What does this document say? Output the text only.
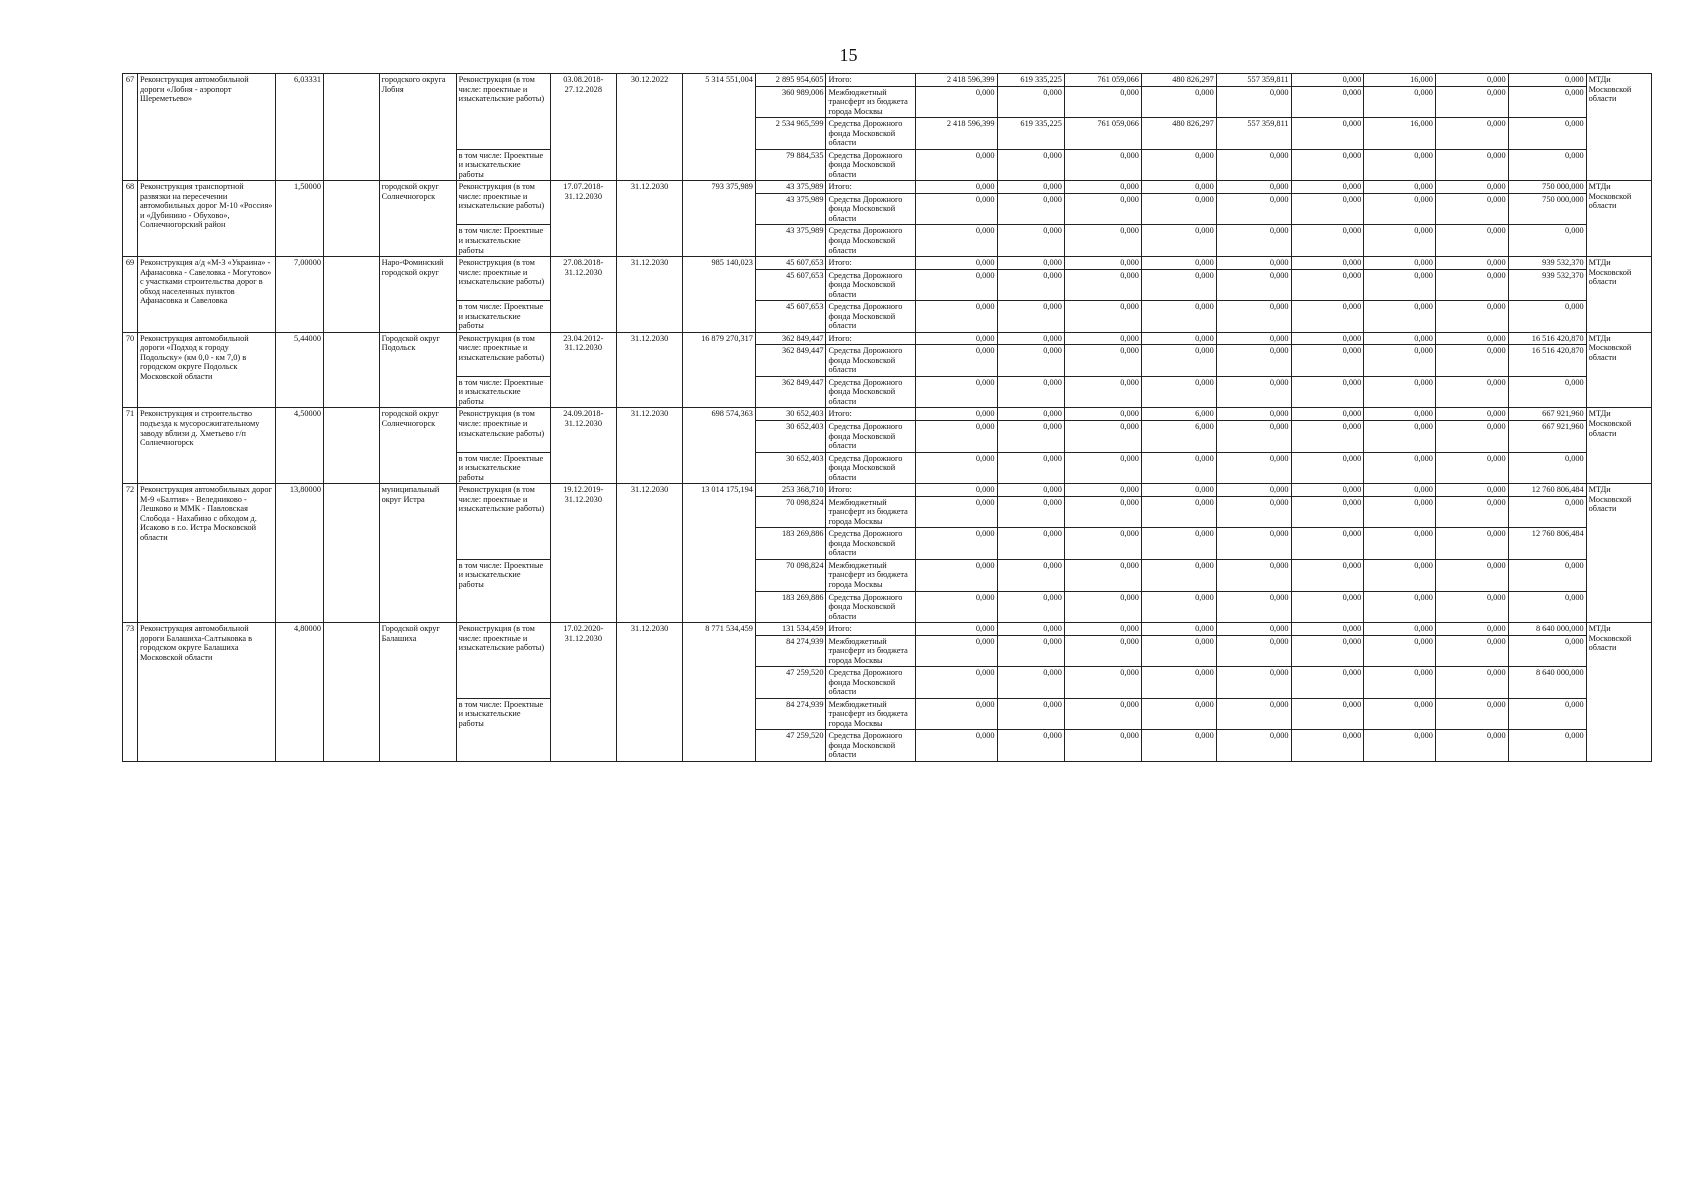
15
67	Реконструкция автомобильной дороги «Лобня - аэропорт Шереметьево»	6,03331		городского округа Лобня	Реконструкция (в том числе: проектные и изыскательские работы)	03.08.2018-27.12.2028	30.12.2022	5 314 551,004	2 895 954,605	Итого:	2 418 596,399	619 335,225	761 059,066	480 826,297	557 359,811	0,000	16,000	0,000	0,000	МТДи Московской области
									360 989,006	Межбюджетный трансферт из бюджета города Москвы	0,000	0,000	0,000	0,000	0,000	0,000	0,000	0,000	0,000	
									2 534 965,599	Средства Дорожного фонда Московской области	2 418 596,399	619 335,225	761 059,066	480 826,297	557 359,811	0,000	16,000	0,000	0,000	
					в том числе: Проектные и изыскательские работы				79 884,535	Средства Дорожного фонда Московской области	0,000	0,000	0,000	0,000	0,000	0,000	0,000	0,000	0,000	
68	Реконструкция транспортной развязки на пересечении автомобильных дорог М-10 «Россия» и «Дубинино - Обухово», Солнечногорский район	1,50000		городской округ Солнечногорск	Реконструкция (в том числе: проектные и изыскательские работы)	17.07.2018-31.12.2030	31.12.2030	793 375,989	43 375,989	Итого:	0,000	0,000	0,000	0,000	0,000	0,000	0,000	0,000	750 000,000	МТДи Московской области
									43 375,989	Средства Дорожного фонда Московской области	0,000	0,000	0,000	0,000	0,000	0,000	0,000	0,000	750 000,000	
					в том числе: Проектные и изыскательские работы				43 375,989	Средства Дорожного фонда Московской области	0,000	0,000	0,000	0,000	0,000	0,000	0,000	0,000	0,000	
69	Реконструкция а/д «М-3 «Украина» - Афанасовка - Савеловка - Могутово» с участками строительства дорог в обход населенных пунктов Афанасовка и Савеловка	7,00000		Наро-Фоминский городской округ	Реконструкция (в том числе: проектные и изыскательские работы)	27.08.2018-31.12.2030	31.12.2030	985 140,023	45 607,653	Итого:	0,000	0,000	0,000	0,000	0,000	0,000	0,000	0,000	939 532,370	МТДи Московской области
									45 607,653	Средства Дорожного фонда Московской области	0,000	0,000	0,000	0,000	0,000	0,000	0,000	0,000	939 532,370	
					в том числе: Проектные и изыскательские работы				45 607,653	Средства Дорожного фонда Московской области	0,000	0,000	0,000	0,000	0,000	0,000	0,000	0,000	0,000	
70	Реконструкция автомобильной дороги «Подход к городу Подольску» (км 0,0 - км 7,0) в городском округе Подольск Московской области	5,44000		Городской округ Подольск	Реконструкция (в том числе: проектные и изыскательские работы)	23.04.2012-31.12.2030	31.12.2030	16 879 270,317	362 849,447	Итого:	0,000	0,000	0,000	0,000	0,000	0,000	0,000	0,000	16 516 420,870	МТДи Московской области
									362 849,447	Средства Дорожного фонда Московской области	0,000	0,000	0,000	0,000	0,000	0,000	0,000	0,000	16 516 420,870	
					в том числе: Проектные и изыскательские работы				362 849,447	Средства Дорожного фонда Московской области	0,000	0,000	0,000	0,000	0,000	0,000	0,000	0,000	0,000	
71	Реконструкция и строительство подъезда к мусоросжигательному заводу вблизи д. Хметьево г/п Солнечногорск	4,50000		городской округ Солнечногорск	Реконструкция (в том числе: проектные и изыскательские работы)	24.09.2018-31.12.2030	31.12.2030	698 574,363	30 652,403	Итого:	0,000	0,000	0,000	6,000	0,000	0,000	0,000	0,000	667 921,960	МТДи Московской области
									30 652,403	Средства Дорожного фонда Московской области	0,000	0,000	0,000	6,000	0,000	0,000	0,000	0,000	667 921,960	
					в том числе: Проектные и изыскательские работы				30 652,403	Средства Дорожного фонда Московской области	0,000	0,000	0,000	0,000	0,000	0,000	0,000	0,000	0,000	
72	Реконструкция автомобильных дорог М-9 «Балтия» - Веледниково - Лешково и ММК - Павловская Слобода - Нахабино с обходом д. Исаково в г.о. Истра Московской области	13,80000		муниципальный округ Истра	Реконструкция (в том числе: проектные и изыскательские работы)	19.12.2019-31.12.2030	31.12.2030	13 014 175,194	253 368,710	Итого:	0,000	0,000	0,000	0,000	0,000	0,000	0,000	0,000	12 760 806,484	МТДи Московской области
									70 098,824	Межбюджетный трансферт из бюджета города Москвы	0,000	0,000	0,000	0,000	0,000	0,000	0,000	0,000	0,000	
									183 269,886	Средства Дорожного фонда Московской области	0,000	0,000	0,000	0,000	0,000	0,000	0,000	0,000	12 760 806,484	
					в том числе: Проектные и изыскательские работы				70 098,824	Межбюджетный трансферт из бюджета города Москвы	0,000	0,000	0,000	0,000	0,000	0,000	0,000	0,000	0,000	
									183 269,886	Средства Дорожного фонда Московской области	0,000	0,000	0,000	0,000	0,000	0,000	0,000	0,000	0,000	
73	Реконструкция автомобильной дороги Балашиха-Салтыковка в городском округе Балашиха Московской области	4,80000		Городской округ Балашиха	Реконструкция (в том числе: проектные и изыскательские работы)	17.02.2020-31.12.2030	31.12.2030	8 771 534,459	131 534,459	Итого:	0,000	0,000	0,000	0,000	0,000	0,000	0,000	0,000	8 640 000,000	МТДи Московской области
									84 274,939	Межбюджетный трансферт из бюджета города Москвы	0,000	0,000	0,000	0,000	0,000	0,000	0,000	0,000	0,000	
									47 259,520	Средства Дорожного фонда Московской области	0,000	0,000	0,000	0,000	0,000	0,000	0,000	0,000	8 640 000,000	
					в том числе: Проектные и изыскательские работы				84 274,939	Межбюджетный трансферт из бюджета города Москвы	0,000	0,000	0,000	0,000	0,000	0,000	0,000	0,000	0,000	
									47 259,520	Средства Дорожного фонда Московской области	0,000	0,000	0,000	0,000	0,000	0,000	0,000	0,000	0,000	
